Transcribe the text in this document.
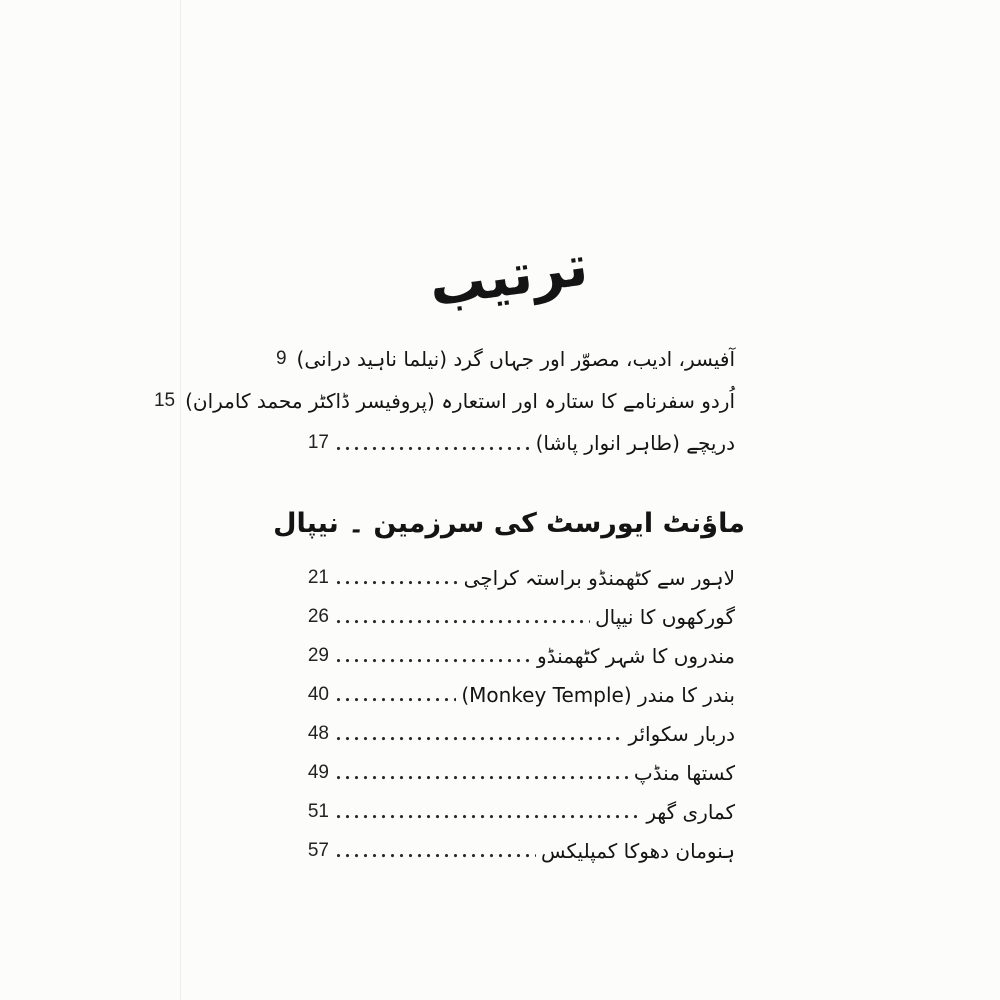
ترتیب
آفیسر، ادیب، مصوّر اور جہاں گرد (نیلما ناہید درانی)
9
اُردو سفرنامے کا ستارہ اور استعارہ (پروفیسر ڈاکٹر محمد کامران)
15
دریچے (طاہر انوار پاشا)
17
ماؤنٹ ایورسٹ کی سرزمین ۔ نیپال
لاہور سے کٹھمنڈو براستہ کراچی
21
گورکھوں کا نیپال
26
مندروں کا شہر کٹھمنڈو
29
بندر کا مندر (Monkey Temple)
40
دربار سکوائر
48
کستھا منڈپ
49
کماری گھر
51
ہنومان دھوکا کمپلیکس
57
